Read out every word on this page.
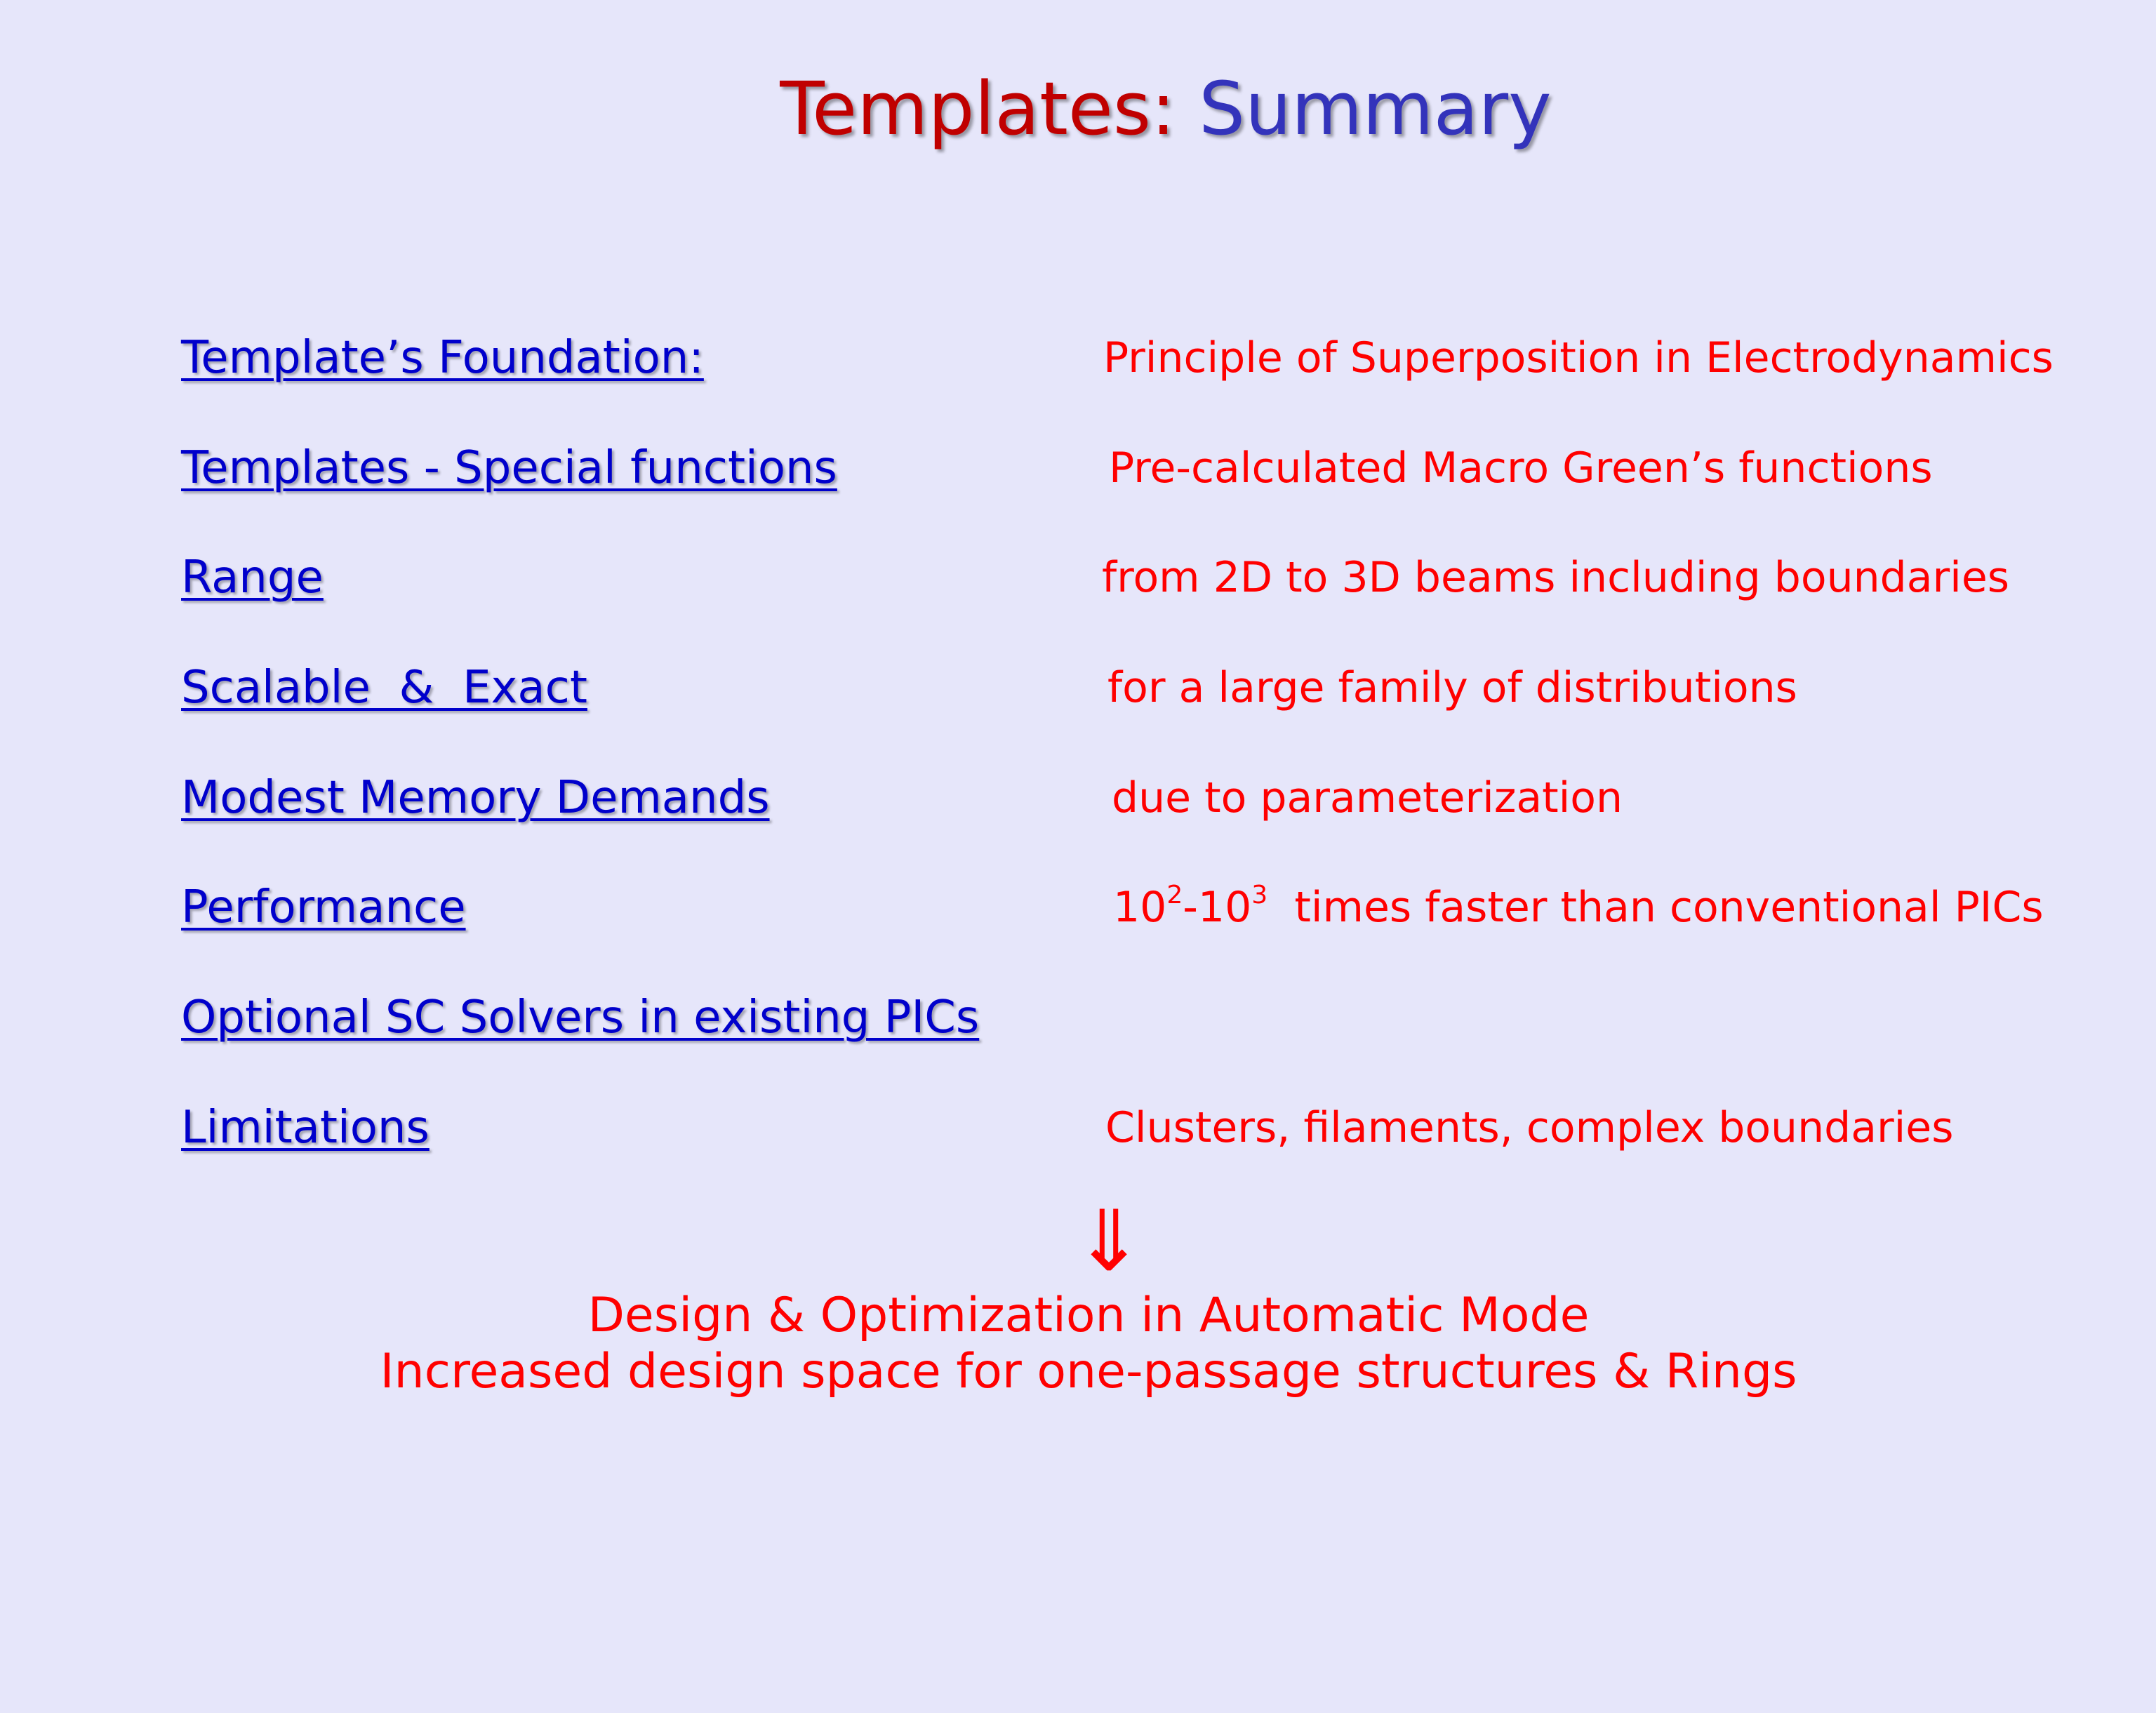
Templates: Summary
Template’s Foundation:	Principle of Superposition in Electrodynamics
Templates - Special functions	Pre-calculated Macro Green’s functions
Range	from 2D to 3D beams including boundaries
Scalable  &  Exact	for a large family of distributions
Modest Memory Demands	due to parameterization
Performance	$10^2-10^3$  times faster than conventional PICs
Optional SC Solvers in existing PICs
Limitations	Clusters, filaments, complex boundaries
⇓
Design & Optimization in Automatic Mode
Increased design space for one-passage structures & Rings
